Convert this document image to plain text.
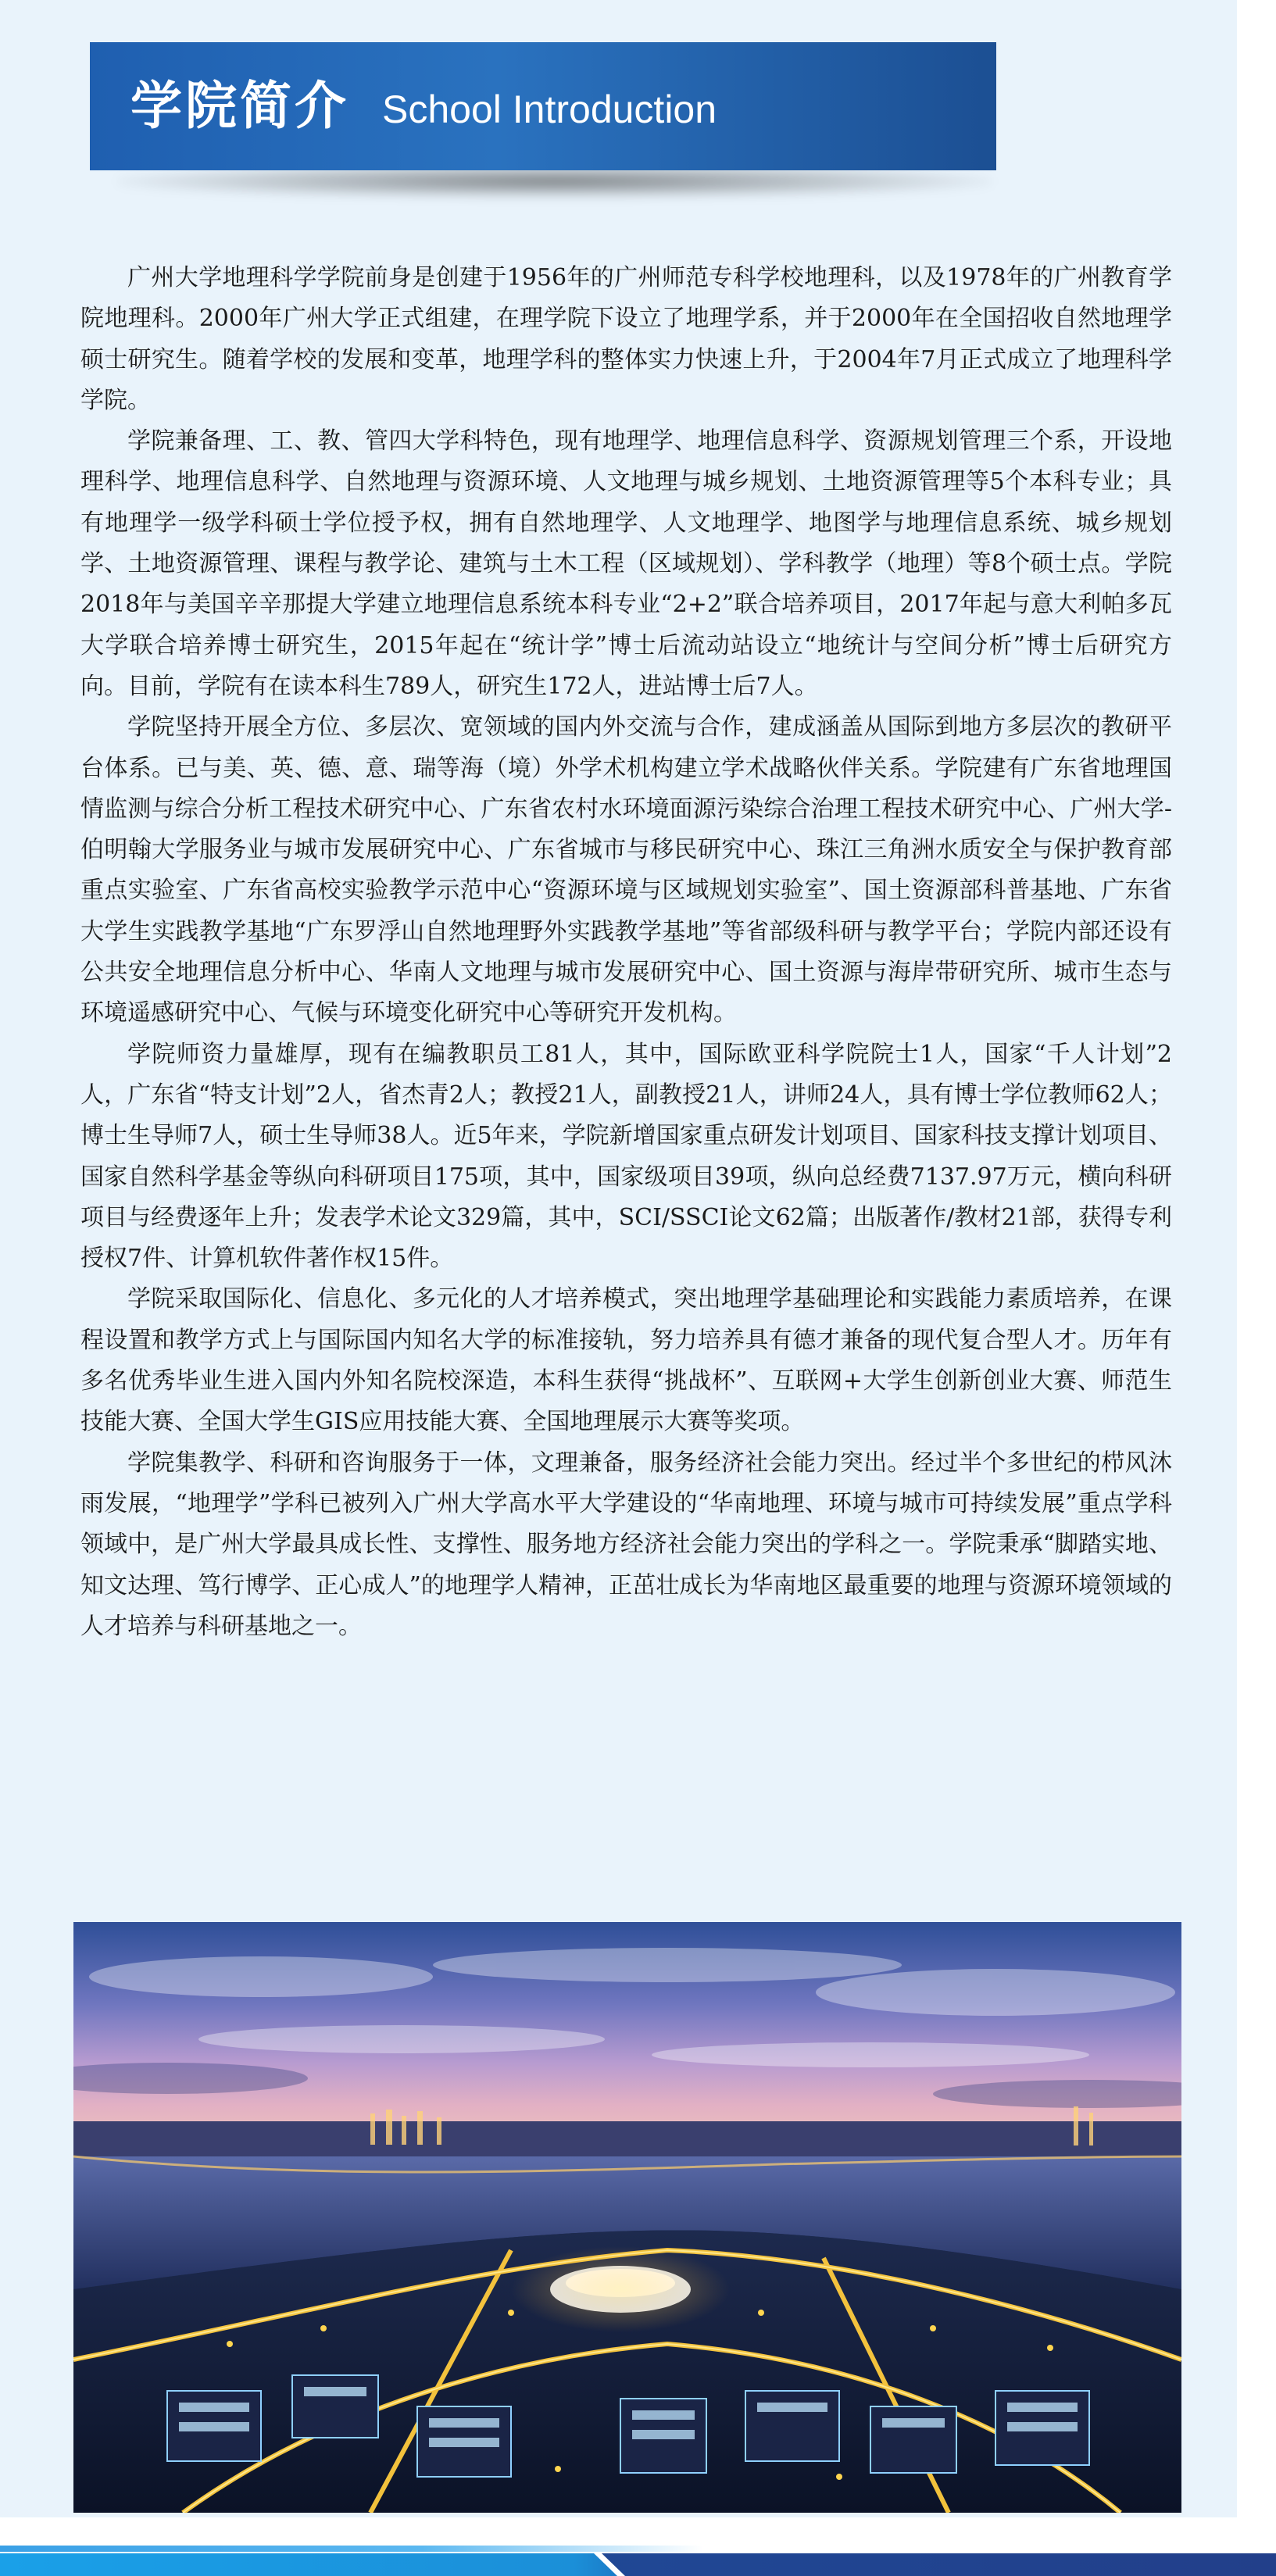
学院简介 School Introduction

广州大学地理科学学院前身是创建于1956年的广州师范专科学校地理科，以及1978年的广州教育学院地理科。2000年广州大学正式组建，在理学院下设立了地理学系，并于2000年在全国招收自然地理学硕士研究生。随着学校的发展和变革，地理学科的整体实力快速上升，于2004年7月正式成立了地理科学学院。

学院兼备理、工、教、管四大学科特色，现有地理学、地理信息科学、资源规划管理三个系，开设地理科学、地理信息科学、自然地理与资源环境、人文地理与城乡规划、土地资源管理等5个本科专业；具有地理学一级学科硕士学位授予权，拥有自然地理学、人文地理学、地图学与地理信息系统、城乡规划学、土地资源管理、课程与教学论、建筑与土木工程（区域规划）、学科教学（地理）等8个硕士点。学院2018年与美国辛辛那提大学建立地理信息系统本科专业“2+2”联合培养项目，2017年起与意大利帕多瓦大学联合培养博士研究生，2015年起在“统计学”博士后流动站设立“地统计与空间分析”博士后研究方向。目前，学院有在读本科生789人，研究生172人，进站博士后7人。

学院坚持开展全方位、多层次、宽领域的国内外交流与合作，建成涵盖从国际到地方多层次的教研平台体系。已与美、英、德、意、瑞等海（境）外学术机构建立学术战略伙伴关系。学院建有广东省地理国情监测与综合分析工程技术研究中心、广东省农村水环境面源污染综合治理工程技术研究中心、广州大学-伯明翰大学服务业与城市发展研究中心、广东省城市与移民研究中心、珠江三角洲水质安全与保护教育部重点实验室、广东省高校实验教学示范中心“资源环境与区域规划实验室”、国土资源部科普基地、广东省大学生实践教学基地“广东罗浮山自然地理野外实践教学基地”等省部级科研与教学平台；学院内部还设有公共安全地理信息分析中心、华南人文地理与城市发展研究中心、国土资源与海岸带研究所、城市生态与环境遥感研究中心、气候与环境变化研究中心等研究开发机构。

学院师资力量雄厚，现有在编教职员工81人，其中，国际欧亚科学院院士1人，国家“千人计划”2人，广东省“特支计划”2人，省杰青2人；教授21人，副教授21人，讲师24人，具有博士学位教师62人；博士生导师7人，硕士生导师38人。近5年来，学院新增国家重点研发计划项目、国家科技支撑计划项目、国家自然科学基金等纵向科研项目175项，其中，国家级项目39项，纵向总经费7137.97万元，横向科研项目与经费逐年上升；发表学术论文329篇，其中，SCI/SSCI论文62篇；出版著作/教材21部，获得专利授权7件、计算机软件著作权15件。

学院采取国际化、信息化、多元化的人才培养模式，突出地理学基础理论和实践能力素质培养，在课程设置和教学方式上与国际国内知名大学的标准接轨，努力培养具有德才兼备的现代复合型人才。历年有多名优秀毕业生进入国内外知名院校深造，本科生获得“挑战杯”、互联网+大学生创新创业大赛、师范生技能大赛、全国大学生GIS应用技能大赛、全国地理展示大赛等奖项。

学院集教学、科研和咨询服务于一体，文理兼备，服务经济社会能力突出。经过半个多世纪的栉风沐雨发展，“地理学”学科已被列入广州大学高水平大学建设的“华南地理、环境与城市可持续发展”重点学科领域中，是广州大学最具成长性、支撑性、服务地方经济社会能力突出的学科之一。学院秉承“脚踏实地、知文达理、笃行博学、正心成人”的地理学人精神，正茁壮成长为华南地区最重要的地理与资源环境领域的人才培养与科研基地之一。
